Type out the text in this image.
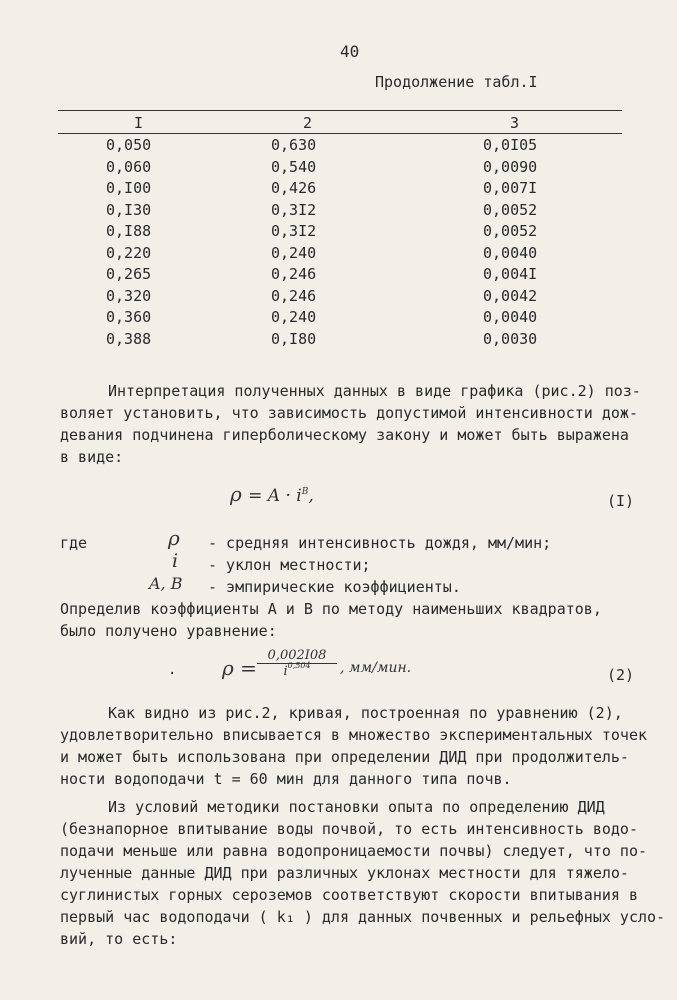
40
Продолжение табл.I
I	2	3
0,050	0,630	0,0I05
0,060	0,540	0,0090
0,I00	0,426	0,007I
0,I30	0,3I2	0,0052
0,I88	0,3I2	0,0052
0,220	0,240	0,0040
0,265	0,246	0,004I
0,320	0,246	0,0042
0,360	0,240	0,0040
0,388	0,I80	0,0030
Интерпретация полученных данных в виде графика (рис.2) поз-
воляет установить, что зависимость допустимой интенсивности дож-
девания подчинена гиперболическому закону и может быть выражена
в виде:
$\rho = A \cdot i^B$,	(I)
где	ρ - средняя интенсивность дождя, мм/мин;
i - уклон местности;
A, B - эмпирические коэффициенты.
Определив коэффициенты A и B по методу наименьших квадратов,
было получено уравнение:
· $\rho = \frac{0,002I08}{i^{0,504}}$ , мм/мин.	(2)
Как видно из рис.2, кривая, построенная по уравнению (2),
удовлетворительно вписывается в множество экспериментальных точек
и может быть использована при определении ДИД при продолжитель-
ности водоподачи t = 60 мин для данного типа почв.
Из условий методики постановки опыта по определению ДИД
(безнапорное впитывание воды почвой, то есть интенсивность водо-
подачи меньше или равна водопроницаемости почвы) следует, что по-
лученные данные ДИД при различных уклонах местности для тяжело-
суглинистых горных сероземов соответствуют скорости впитывания в
первый час водоподачи ( k₁ ) для данных почвенных и рельефных усло-
вий, то есть:
